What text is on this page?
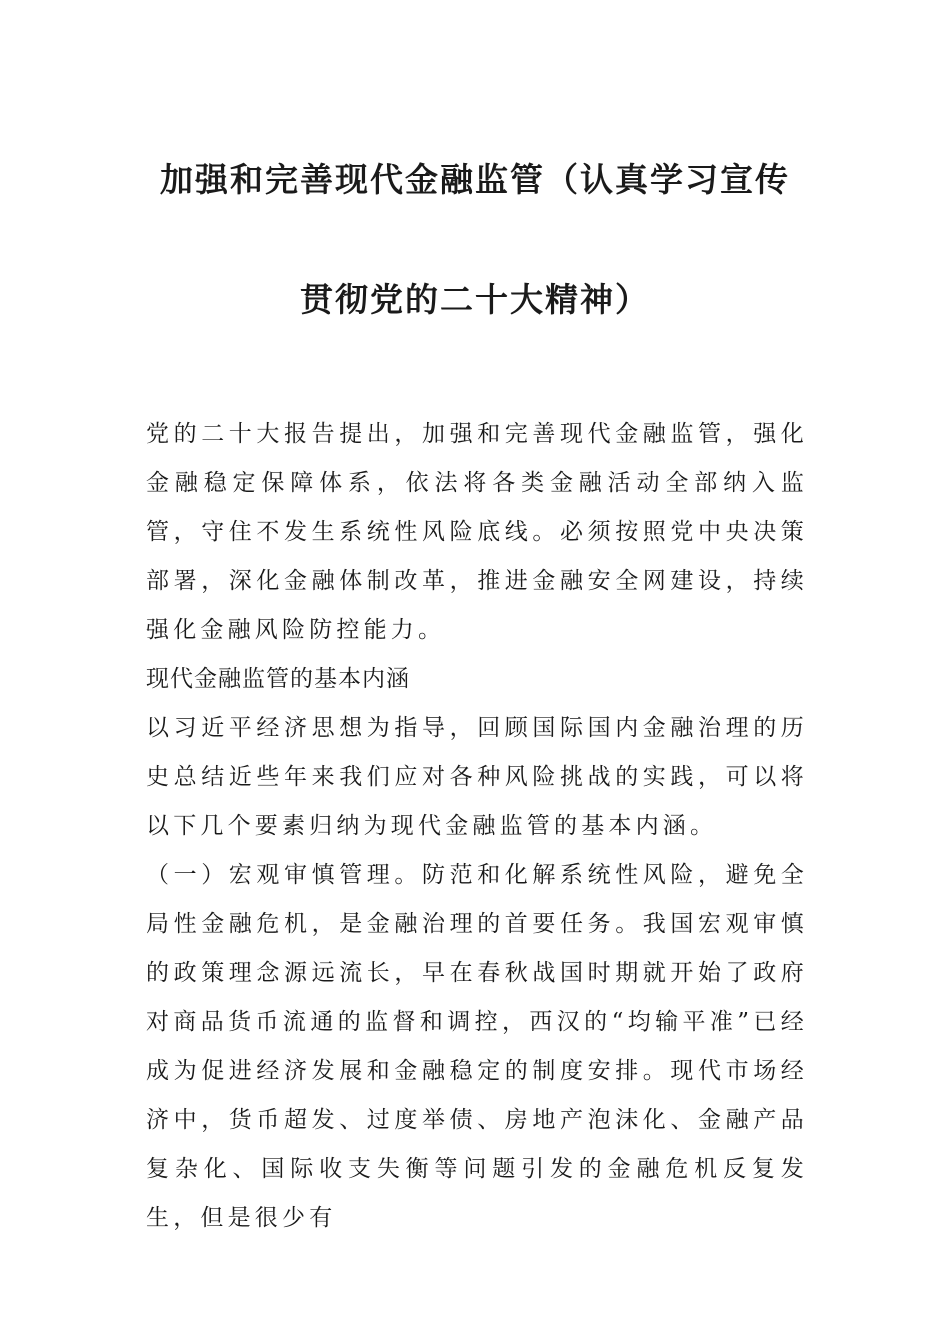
加强和完善现代金融监管（认真学习宣传
贯彻党的二十大精神）

党的二十大报告提出，加强和完善现代金融监管，强化金融稳定保障体系，依法将各类金融活动全部纳入监管，守住不发生系统性风险底线。必须按照党中央决策部署，深化金融体制改革，推进金融安全网建设，持续强化金融风险防控能力。

现代金融监管的基本内涵

以习近平经济思想为指导，回顾国际国内金融治理的历史总结近些年来我们应对各种风险挑战的实践，可以将以下几个要素归纳为现代金融监管的基本内涵。

（一）宏观审慎管理。防范和化解系统性风险，避免全局性金融危机，是金融治理的首要任务。我国宏观审慎的政策理念源远流长，早在春秋战国时期就开始了政府对商品货币流通的监督和调控，西汉的“均输平准”已经成为促进经济发展和金融稳定的制度安排。现代市场经济中，货币超发、过度举债、房地产泡沫化、金融产品复杂化、国际收支失衡等问题引发的金融危机反复发生，但是很少有
